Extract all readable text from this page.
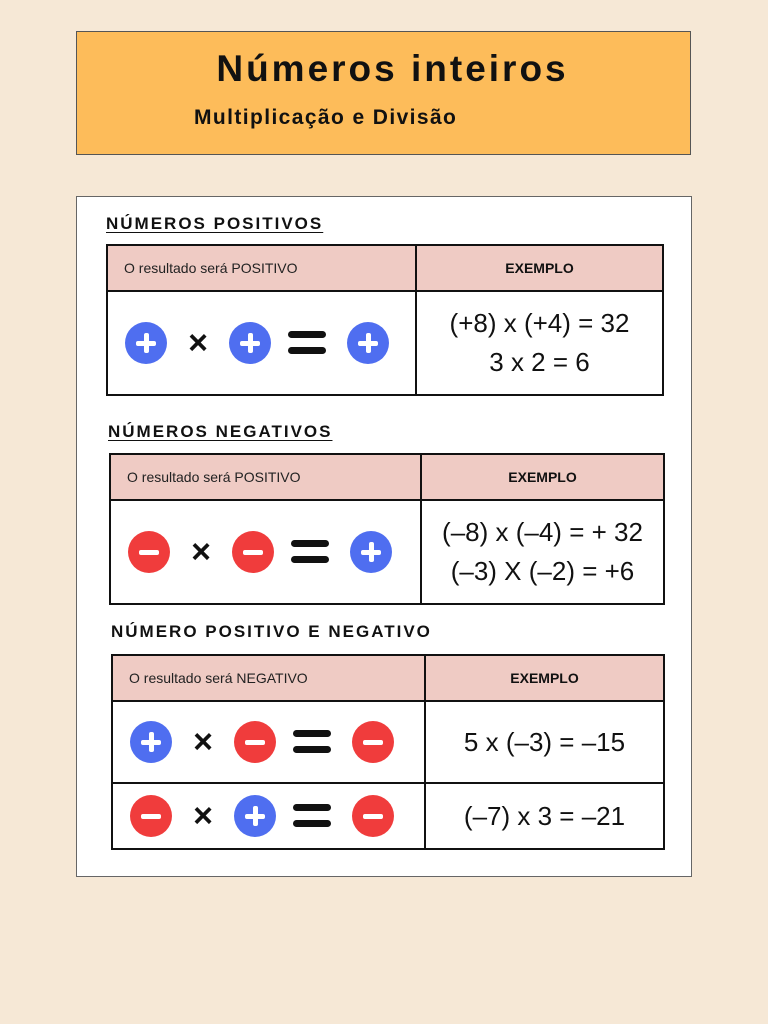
Números inteiros
Multiplicação e Divisão
NÚMEROS POSITIVOS
O resultado será POSITIVO	EXEMPLO

×	(+8) x (+4) = 32
3 x 2 = 6
NÚMEROS NEGATIVOS
O resultado será POSITIVO	EXEMPLO

×	(–8) x (–4) = + 32
(–3) X (–2) = +6
NÚMERO POSITIVO E NEGATIVO
O resultado será NEGATIVO	EXEMPLO

×	5 x (–3) = –15

×	(–7) x 3 = –21
